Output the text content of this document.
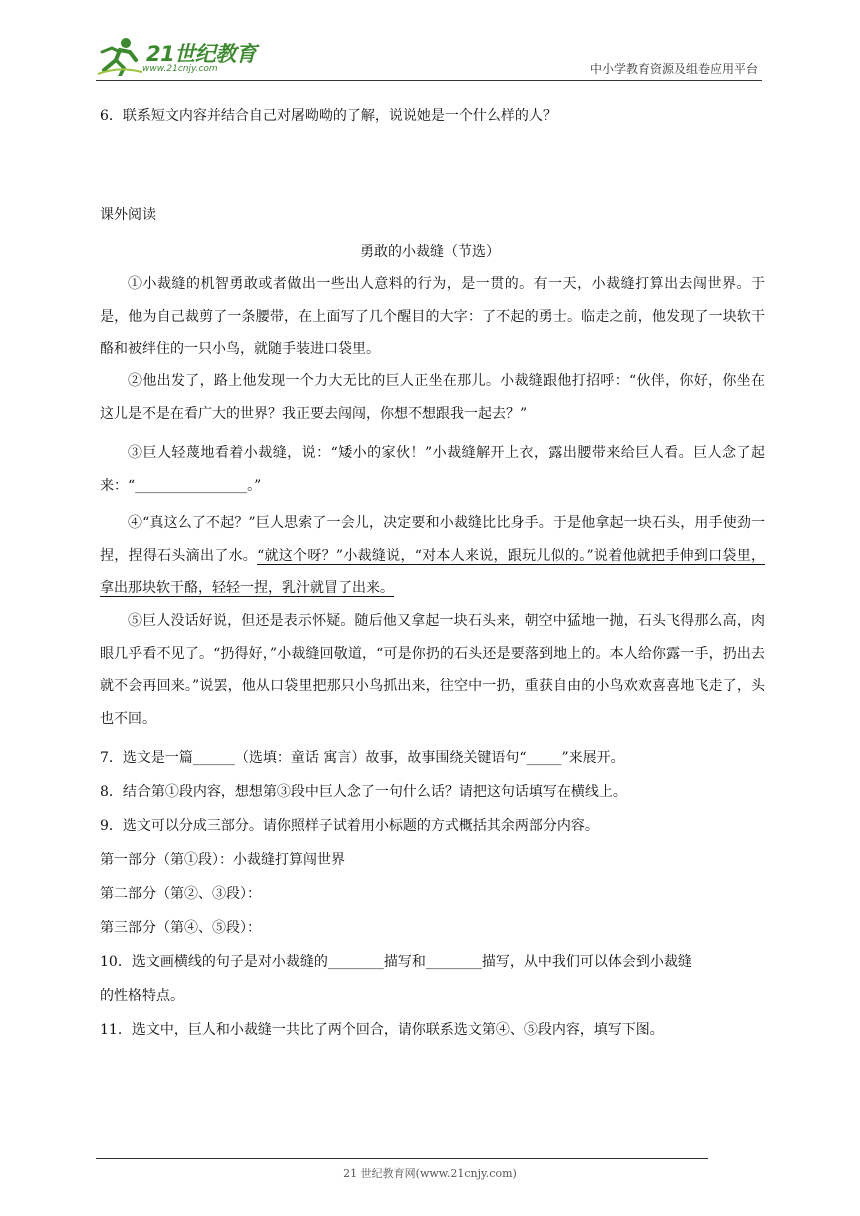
21世纪教育
www.21cnjy.com	中小学教育资源及组卷应用平台
6．联系短文内容并结合自己对屠呦呦的了解，说说她是一个什么样的人？
课外阅读
勇敢的小裁缝（节选）
①小裁缝的机智勇敢或者做出一些出人意料的行为，是一贯的。有一天，小裁缝打算出去闯世界。于是，他为自己裁剪了一条腰带，在上面写了几个醒目的大字：了不起的勇士。临走之前，他发现了一块软干酪和被绊住的一只小鸟，就随手装进口袋里。
②他出发了，路上他发现一个力大无比的巨人正坐在那儿。小裁缝跟他打招呼：“伙伴，你好，你坐在这儿是不是在看广大的世界？我正要去闯闯，你想不想跟我一起去？”
③巨人轻蔑地看着小裁缝，说：“矮小的家伙！”小裁缝解开上衣，露出腰带来给巨人看。巨人念了起来：“________________。”
④“真这么了不起？”巨人思索了一会儿，决定要和小裁缝比比身手。于是他拿起一块石头，用手使劲一捏，捏得石头滴出了水。“就这个呀？”小裁缝说，“对本人来说，跟玩儿似的。”说着他就把手伸到口袋里，拿出那块软干酪，轻轻一捏，乳汁就冒了出来。
⑤巨人没话好说，但还是表示怀疑。随后他又拿起一块石头来，朝空中猛地一抛，石头飞得那么高，肉眼几乎看不见了。“扔得好，”小裁缝回敬道，“可是你扔的石头还是要落到地上的。本人给你露一手，扔出去就不会再回来。”说罢，他从口袋里把那只小鸟抓出来，往空中一扔，重获自由的小鸟欢欢喜喜地飞走了，头也不回。
7．选文是一篇______（选填：童话 寓言）故事，故事围绕关键语句“_____”来展开。
8．结合第①段内容，想想第③段中巨人念了一句什么话？请把这句话填写在横线上。
9．选文可以分成三部分。请你照样子试着用小标题的方式概括其余两部分内容。
第一部分（第①段）：小裁缝打算闯世界
第二部分（第②、③段）：
第三部分（第④、⑤段）：
10．选文画横线的句子是对小裁缝的________描写和________描写，从中我们可以体会到小裁缝
的性格特点。
11．选文中，巨人和小裁缝一共比了两个回合，请你联系选文第④、⑤段内容，填写下图。
21 世纪教育网(www.21cnjy.com)
